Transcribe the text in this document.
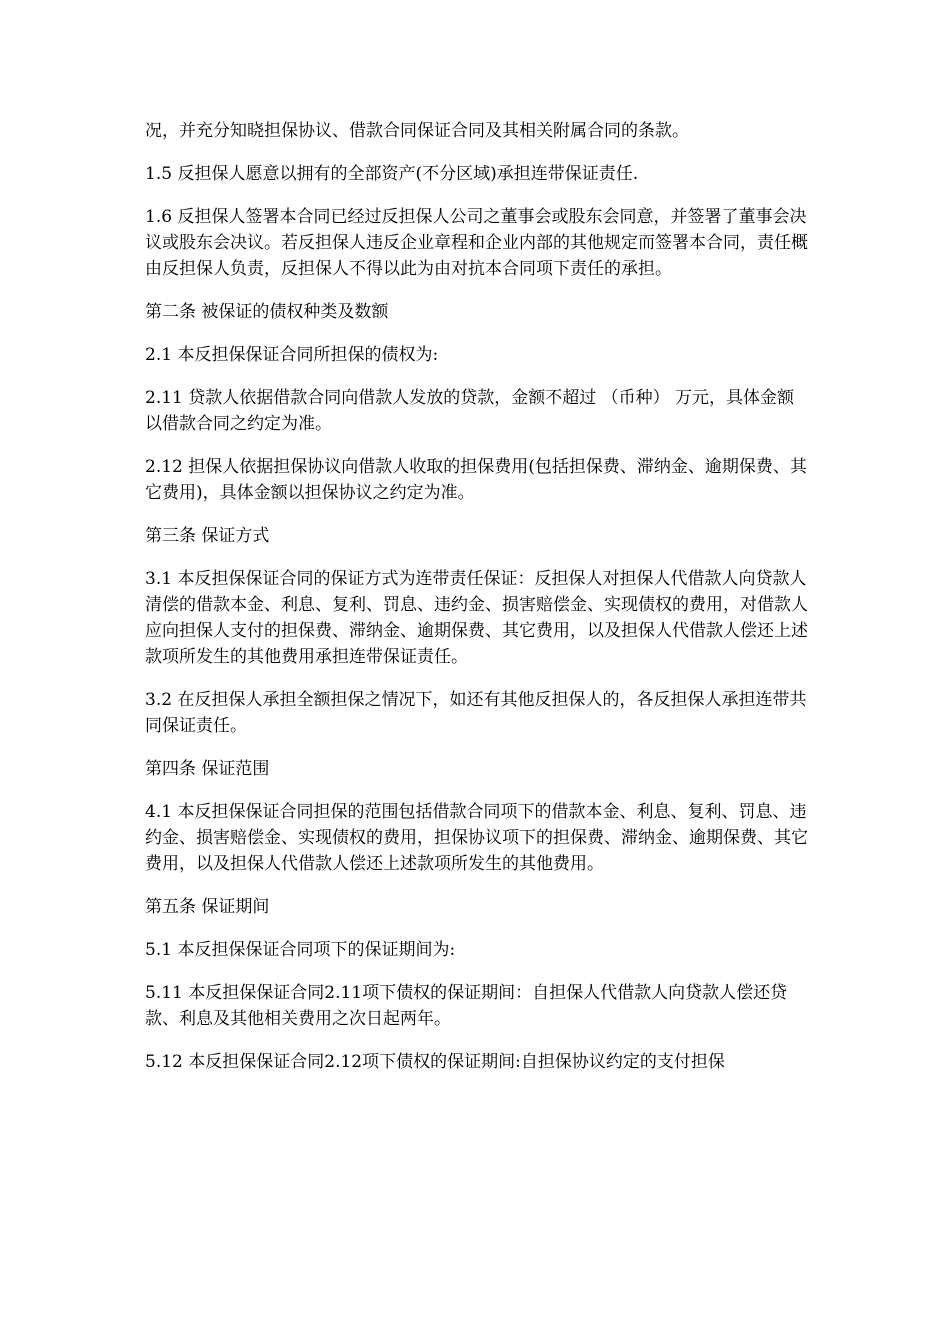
况，并充分知晓担保协议、借款合同保证合同及其相关附属合同的条款。

1.5 反担保人愿意以拥有的全部资产(不分区域)承担连带保证责任.

1.6 反担保人签署本合同已经过反担保人公司之董事会或股东会同意，并签署了董事会决议或股东会决议。若反担保人违反企业章程和企业内部的其他规定而签署本合同，责任概由反担保人负责，反担保人不得以此为由对抗本合同项下责任的承担。

第二条 被保证的债权种类及数额

2.1 本反担保保证合同所担保的债权为:

2.11 贷款人依据借款合同向借款人发放的贷款，金额不超过 （币种） 万元，具体金额以借款合同之约定为准。

2.12 担保人依据担保协议向借款人收取的担保费用(包括担保费、滞纳金、逾期保费、其它费用)，具体金额以担保协议之约定为准。

第三条 保证方式

3.1 本反担保保证合同的保证方式为连带责任保证：反担保人对担保人代借款人向贷款人清偿的借款本金、利息、复利、罚息、违约金、损害赔偿金、实现债权的费用，对借款人应向担保人支付的担保费、滞纳金、逾期保费、其它费用，以及担保人代借款人偿还上述款项所发生的其他费用承担连带保证责任。

3.2 在反担保人承担全额担保之情况下，如还有其他反担保人的，各反担保人承担连带共同保证责任。

第四条 保证范围

4.1 本反担保保证合同担保的范围包括借款合同项下的借款本金、利息、复利、罚息、违约金、损害赔偿金、实现债权的费用，担保协议项下的担保费、滞纳金、逾期保费、其它费用，以及担保人代借款人偿还上述款项所发生的其他费用。

第五条 保证期间

5.1 本反担保保证合同项下的保证期间为:

5.11 本反担保保证合同2.11项下债权的保证期间：自担保人代借款人向贷款人偿还贷款、利息及其他相关费用之次日起两年。

5.12 本反担保保证合同2.12项下债权的保证期间:自担保协议约定的支付担保
